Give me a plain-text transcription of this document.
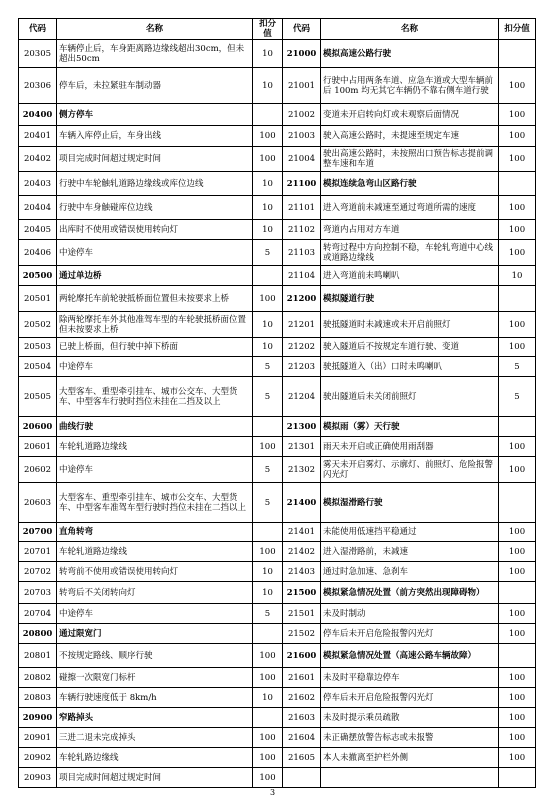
代码	名称	扣分值	代码	名称	扣分值
20305	车辆停止后，车身距离路边缘线超出30cm，但未超出50cm	10	21000	模拟高速公路行驶	
20306	停车后，未拉紧驻车制动器	10	21001	行驶中占用两条车道、应急车道或大型车辆前后 100m 均无其它车辆仍不靠右侧车道行驶	100
20400	侧方停车		21002	变道未开启转向灯或未观察后面情况	100
20401	车辆入库停止后，车身出线	100	21003	驶入高速公路时，未提速至规定车速	100
20402	项目完成时间超过规定时间	100	21004	驶出高速公路时，未按照出口预告标志提前调整车速和车道	100
20403	行驶中车轮触轧道路边缘线或库位边线	10	21100	模拟连续急弯山区路行驶	
20404	行驶中车身触碰库位边线	10	21101	进入弯道前未减速至通过弯道所需的速度	100
20405	出库时不使用或错误使用转向灯	10	21102	弯道内占用对方车道	100
20406	中途停车	5	21103	转弯过程中方向控制不稳，车轮轧弯道中心线或道路边缘线	100
20500	通过单边桥		21104	进入弯道前未鸣喇叭	10
20501	两轮摩托车前轮驶抵桥面位置但未按要求上桥	100	21200	模拟隧道行驶	
20502	除两轮摩托车外其他准驾车型的车轮驶抵桥面位置但未按要求上桥	10	21201	驶抵隧道时未减速或未开启前照灯	100
20503	已驶上桥面，但行驶中掉下桥面	10	21202	驶入隧道后不按规定车道行驶、变道	100
20504	中途停车	5	21203	驶抵隧道入（出）口时未鸣喇叭	5
20505	大型客车、重型牵引挂车、城市公交车、大型货车、中型客车行驶时挡位未挂在二挡及以上	5	21204	驶出隧道后未关闭前照灯	5
20600	曲线行驶		21300	模拟雨（雾）天行驶	
20601	车轮轧道路边缘线	100	21301	雨天未开启或正确使用雨刮器	100
20602	中途停车	5	21302	雾天未开启雾灯、示廓灯、前照灯、危险报警闪光灯	100
20603	大型客车、重型牵引挂车、城市公交车、大型货车、中型客车准驾车型行驶时挡位未挂在二挡以上	5	21400	模拟湿滑路行驶	
20700	直角转弯		21401	未能使用低速挡平稳通过	100
20701	车轮轧道路边缘线	100	21402	进入湿滑路前，未减速	100
20702	转弯前不使用或错误使用转向灯	10	21403	通过时急加速、急刹车	100
20703	转弯后不关闭转向灯	10	21500	模拟紧急情况处置（前方突然出现障碍物）	
20704	中途停车	5	21501	未及时制动	100
20800	通过限宽门		21502	停车后未开启危险报警闪光灯	100
20801	不按规定路线、顺序行驶	100	21600	模拟紧急情况处置（高速公路车辆故障）	
20802	碰擦一次限宽门标杆	100	21601	未及时平稳靠边停车	100
20803	车辆行驶速度低于 8km/h	10	21602	停车后未开启危险报警闪光灯	100
20900	窄路掉头		21603	未及时提示乘员疏散	100
20901	三进二退未完成掉头	100	21604	未正确摆放警告标志或未报警	100
20902	车轮轧路边缘线	100	21605	本人未撤离至护栏外侧	100
20903	项目完成时间超过规定时间	100			
3
